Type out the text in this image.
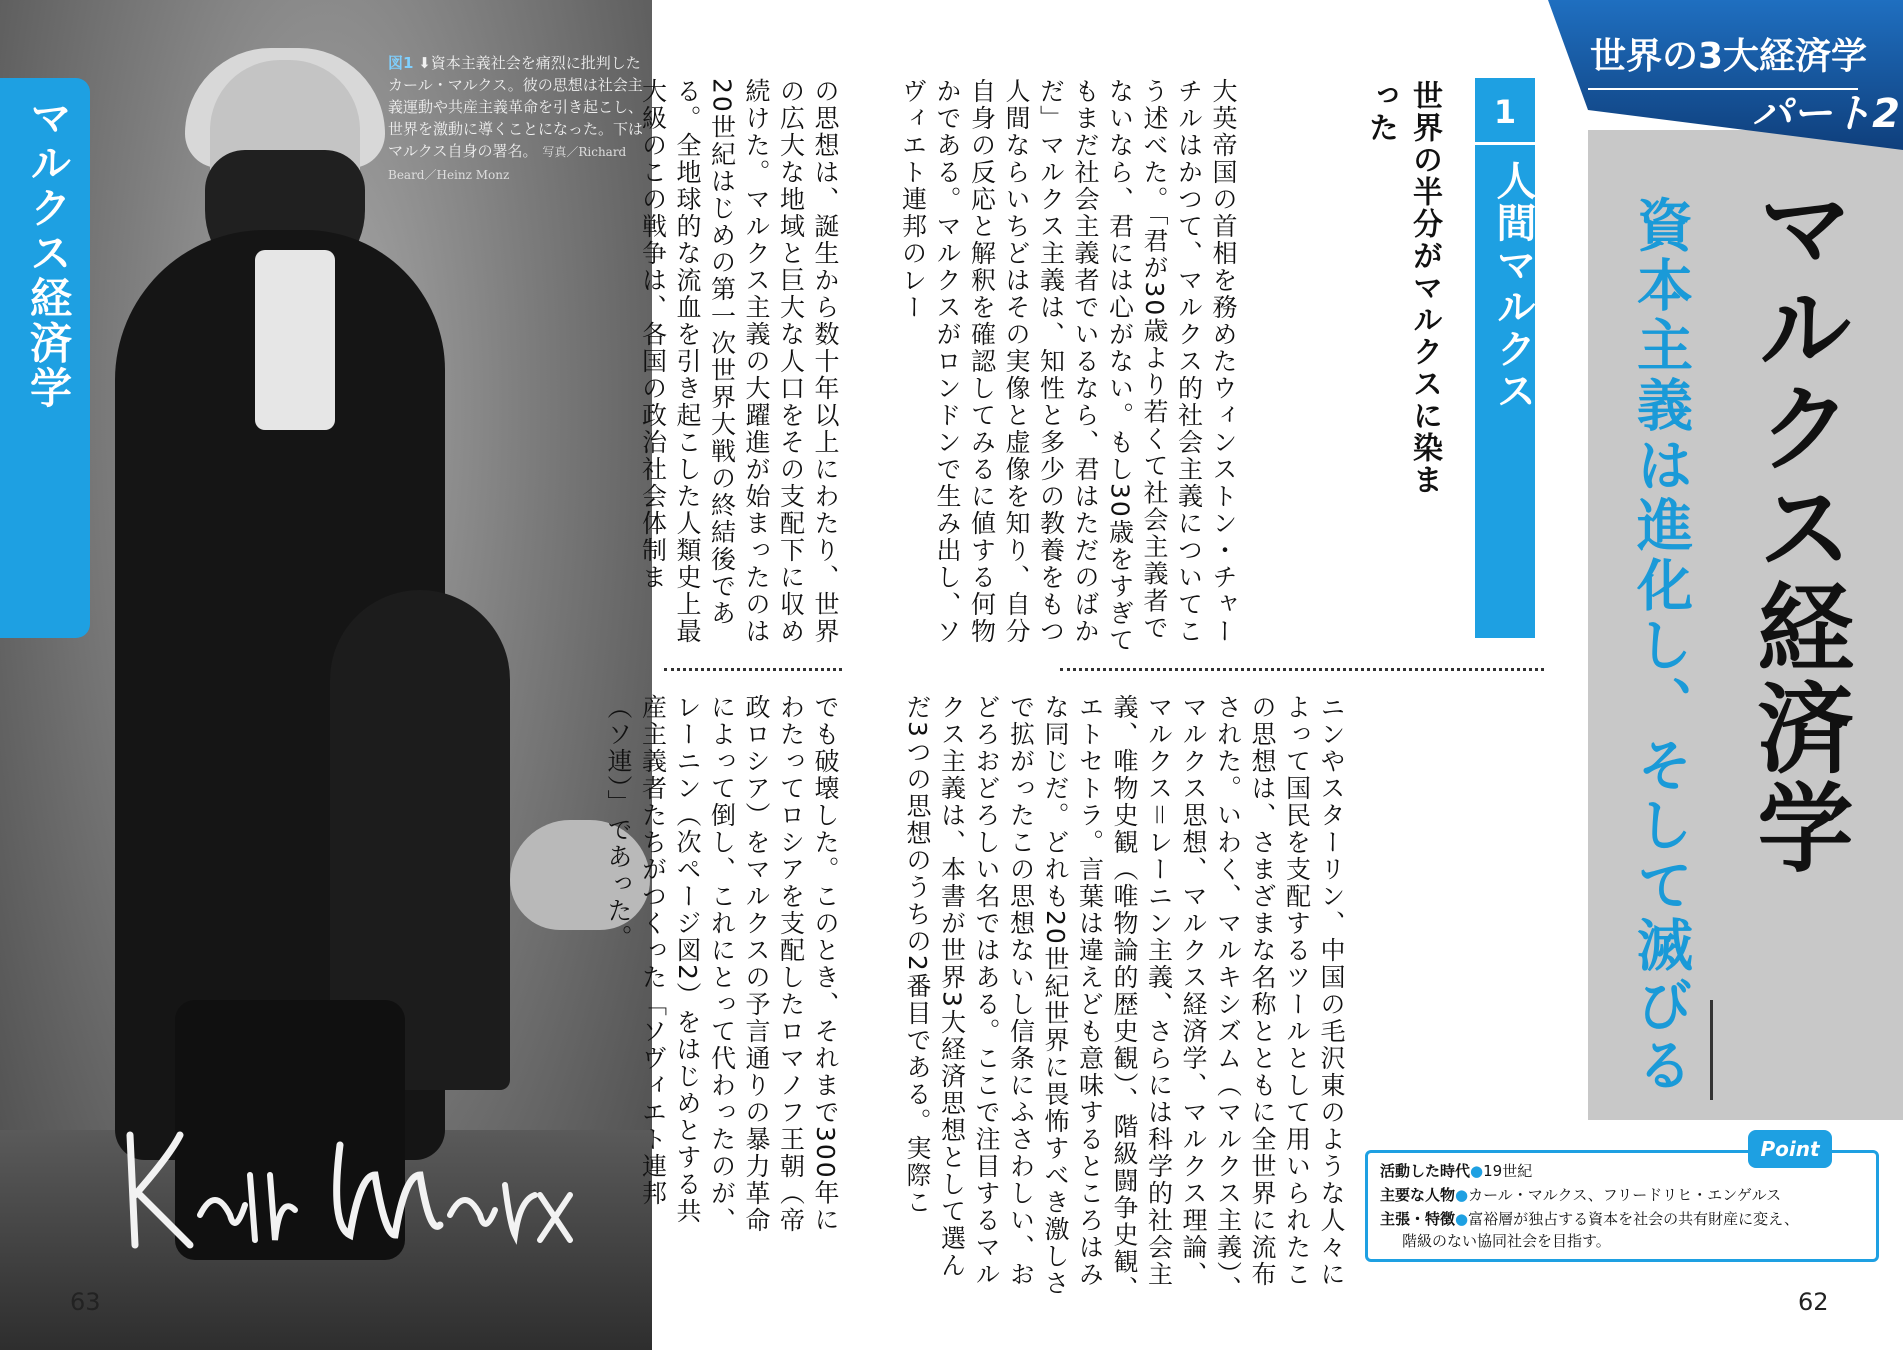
マルクス経済学
図1 ⬇資本主義社会を痛烈に批判したカール・マルクス。彼の思想は社会主義運動や共産主義革命を引き起こし、世界を激動に導くことになった。下はマルクス自身の署名。 写真／Richard Beard／Heinz Monz	の思想は、誕生から数十年以上にわたり、世界の広大な地域と巨大な人口をその支配下に収め続けた。マルクス主義の大躍進が始まったのは20世紀はじめの第一次世界大戦の終結後である。全地球的な流血を引き起こした人類史上最大級のこの戦争は、各国の政治社会体制ま
でも破壊した。このとき、それまで300年にわたってロシアを支配したロマノフ王朝（帝政ロシア）をマルクスの予言通りの暴力革命によって倒し、これにとって代わったのが、レーニン（次ページ図2）をはじめとする共産主義者たちがつくった「ソヴィエト連邦（ソ連）」であった。
63
大英帝国の首相を務めたウィンストン・チャーチルはかつて、マルクス的社会主義についてこう述べた。「君が30歳より若くて社会主義者でないなら、君には心がない。もし30歳をすぎてもまだ社会主義者でいるなら、君はただのばかだ」マルクス主義は、知性と多少の教養をもつ人間ならいちどはその実像と虚像を知り、自分自身の反応と解釈を確認してみるに値する何物かである。マルクスがロンドンで生み出し、ソヴィエト連邦のレー
ニンやスターリン、中国の毛沢東のような人々によって国民を支配するツールとして用いられたこの思想は、さまざまな名称とともに全世界に流布された。いわく、マルキシズム（マルクス主義）、マルクス思想、マルクス経済学、マルクス理論、マルクス＝レーニン主義、さらには科学的社会主義、唯物史観（唯物論的歴史観）、階級闘争史観、エトセトラ。言葉は違えども意味するところはみな同じだ。どれも20世紀世界に畏怖すべき激しさで拡がったこの思想ないし信条にふさわしい、おどろおどろしい名ではある。ここで注目するマルクス主義は、本書が世界3大経済思想として選んだ3つの思想のうちの2番目である。実際こ
世界の半分がマルクスに染まった	1
人間マルクス
世界の3大経済学
パート2
マルクス経済学
資本主義は進化し、そして滅びる
活動した時代●19世紀
主要な人物●カール・マルクス、フリードリヒ・エンゲルス
主張・特徴●富裕層が独占する資本を社会の共有財産に変え、
階級のない協同社会を目指す。
Point
62
